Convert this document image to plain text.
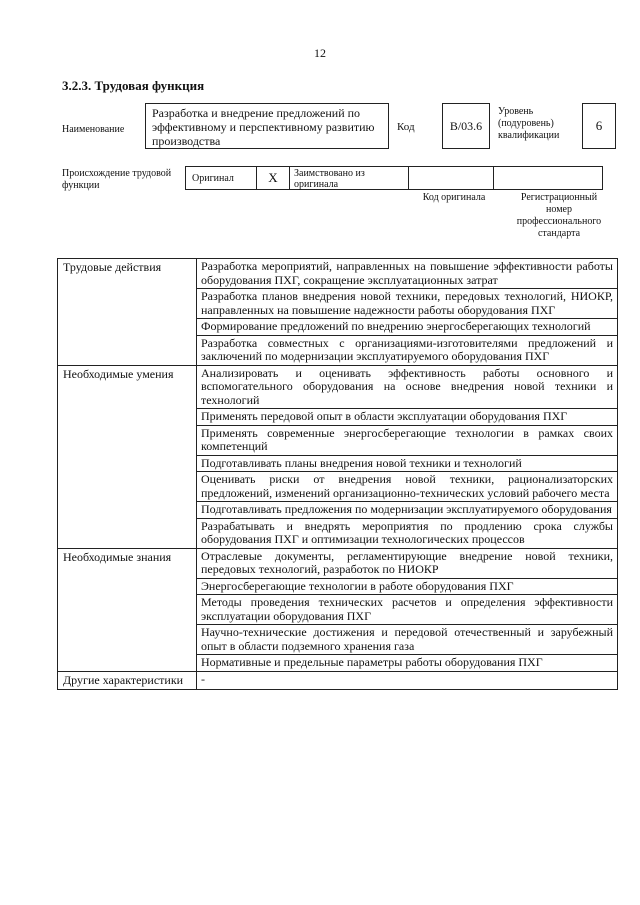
12
3.2.3. Трудовая функция
Наименование
Разработка и внедрение предложений по эффективному и перспективному развитию производства
Код	B/03.6
Уровень (подуровень) квалификации
6
Происхождение трудовой функции
Оригинал	X	Заимствовано из оригинала
Код оригинала	Регистрационный номер профессионального стандарта
Трудовые действия	Разработка мероприятий, направленных на повышение эффективности работы оборудования ПХГ, сокращение эксплуатационных затрат
	Разработка планов внедрения новой техники, передовых технологий, НИОКР, направленных на повышение надежности работы оборудования ПХГ
	Формирование предложений по внедрению энергосберегающих технологий
	Разработка совместных с организациями-изготовителями предложений и заключений по модернизации эксплуатируемого оборудования ПХГ
Необходимые умения	Анализировать и оценивать эффективность работы основного и вспомогательного оборудования на основе внедрения новой техники и технологий
	Применять передовой опыт в области эксплуатации оборудования ПХГ
	Применять современные энергосберегающие технологии в рамках своих компетенций
	Подготавливать планы внедрения новой техники и технологий
	Оценивать риски от внедрения новой техники, рационализаторских предложений, изменений организационно-технических условий рабочего места
	Подготавливать предложения по модернизации эксплуатируемого оборудования
	Разрабатывать и внедрять мероприятия по продлению срока службы оборудования ПХГ и оптимизации технологических процессов
Необходимые знания	Отраслевые документы, регламентирующие внедрение новой техники, передовых технологий, разработок по НИОКР
	Энергосберегающие технологии в работе оборудования ПХГ
	Методы проведения технических расчетов и определения эффективности эксплуатации оборудования ПХГ
	Научно-технические достижения и передовой отечественный и зарубежный опыт в области подземного хранения газа
	Нормативные и предельные параметры работы оборудования ПХГ
Другие характеристики	-
